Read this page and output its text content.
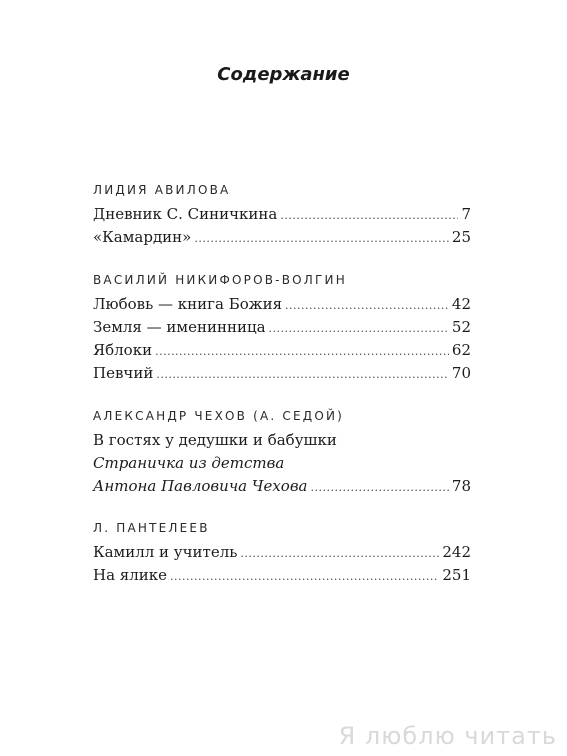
Содержание
ЛИДИЯ АВИЛОВА
Дневник С. Синичкина .....	7
«Камардин» .....	25
ВАСИЛИЙ НИКИФОРОВ-ВОЛГИН
Любовь — книга Божия .....	42
Земля — именинница .....	52
Яблоки .....	62
Певчий .....	70
АЛЕКСАНДР ЧЕХОВ (А. СЕДОЙ)
В гостях у дедушки и бабушки
Страничка из детства
Антона Павловича Чехова .....	78
Л. ПАНТЕЛЕЕВ
Камилл и учитель .....	242
На ялике .....	251
Я люблю читать
